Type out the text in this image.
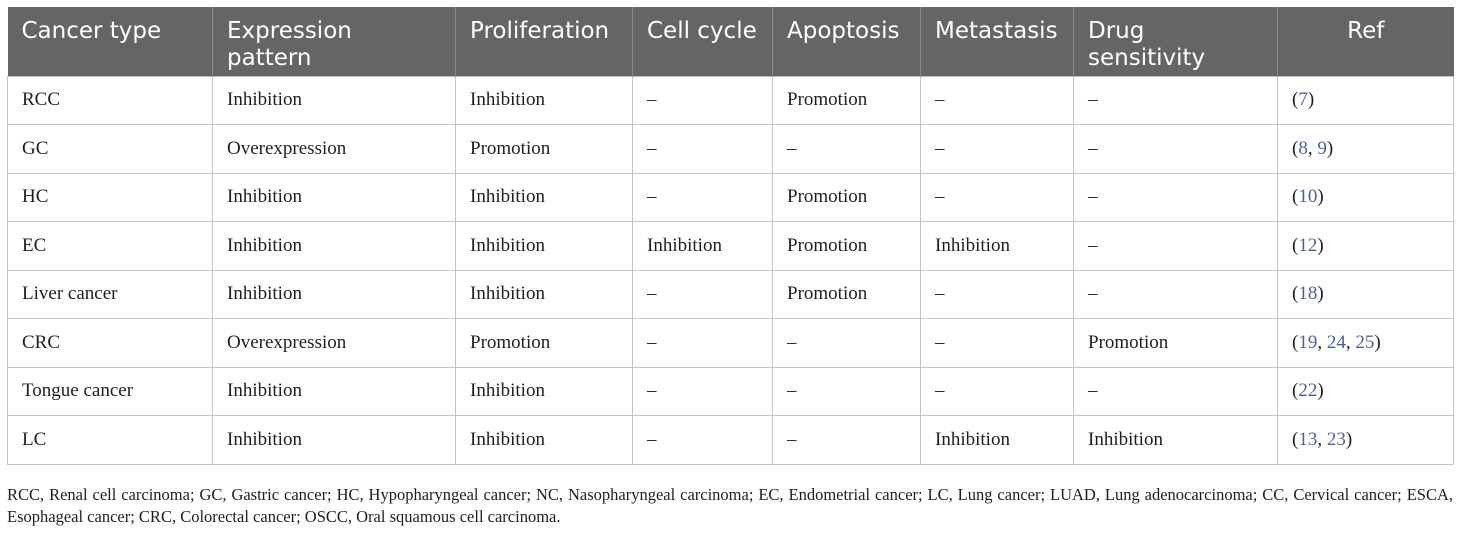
Cancer type	Expression pattern	Proliferation	Cell cycle	Apoptosis	Metastasis	Drug sensitivity	Ref
RCC	Inhibition	Inhibition	–	Promotion	–	–	(7)
GC	Overexpression	Promotion	–	–	–	–	(8, 9)
HC	Inhibition	Inhibition	–	Promotion	–	–	(10)
EC	Inhibition	Inhibition	Inhibition	Promotion	Inhibition	–	(12)
Liver cancer	Inhibition	Inhibition	–	Promotion	–	–	(18)
CRC	Overexpression	Promotion	–	–	–	Promotion	(19, 24, 25)
Tongue cancer	Inhibition	Inhibition	–	–	–	–	(22)
LC	Inhibition	Inhibition	–	–	Inhibition	Inhibition	(13, 23)
RCC, Renal cell carcinoma; GC, Gastric cancer; HC, Hypopharyngeal cancer; NC, Nasopharyngeal carcinoma; EC, Endometrial cancer; LC, Lung cancer; LUAD, Lung adenocarcinoma; CC, Cervical cancer; ESCA, Esophageal cancer; CRC, Colorectal cancer; OSCC, Oral squamous cell carcinoma.
